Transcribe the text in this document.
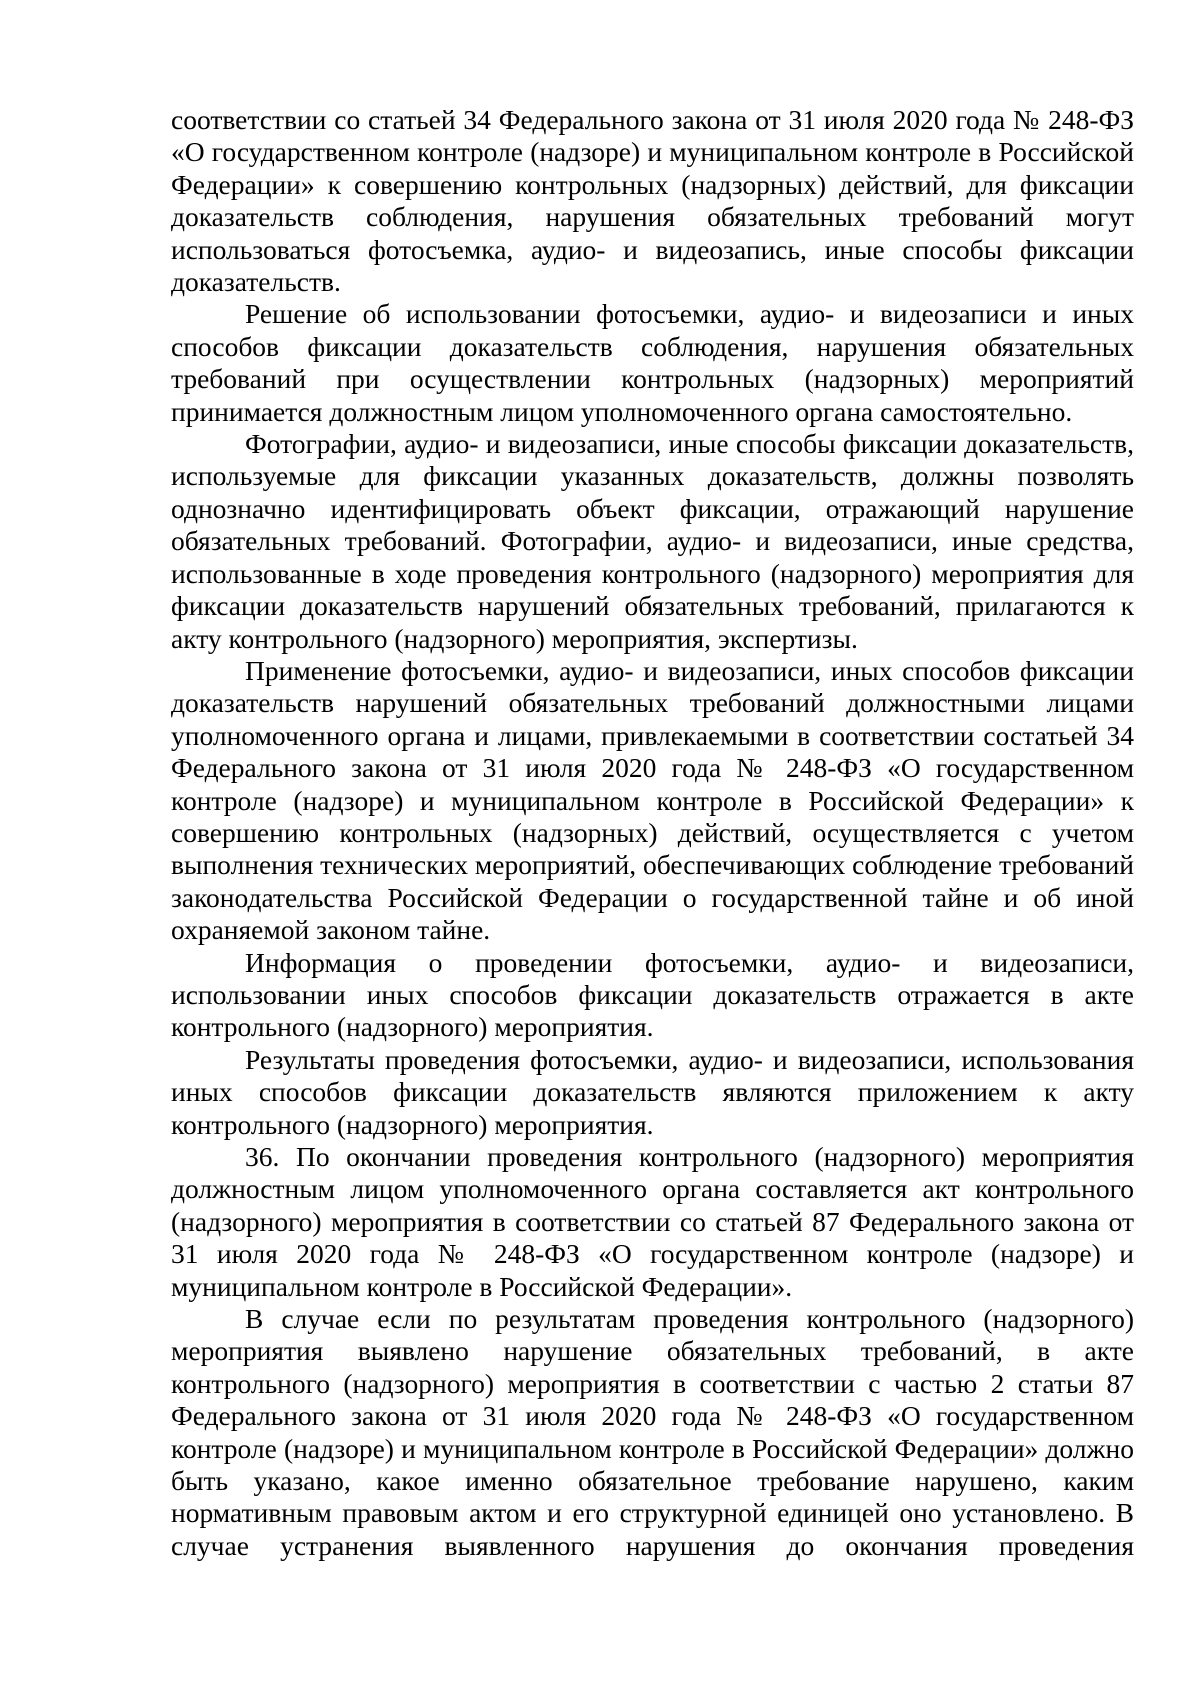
соответствии со статьей 34 Федерального закона от 31 июля 2020 года № 248-ФЗ «О государственном контроле (надзоре) и муниципальном контроле в Российской Федерации» к совершению контрольных (надзорных) действий, для фиксации доказательств соблюдения, нарушения обязательных требований могут использоваться фотосъемка, аудио- и видеозапись, иные способы фиксации доказательств.

Решение об использовании фотосъемки, аудио- и видеозаписи и иных способов фиксации доказательств соблюдения, нарушения обязательных требований при осуществлении контрольных (надзорных) мероприятий принимается должностным лицом уполномоченного органа самостоятельно.

Фотографии, аудио- и видеозаписи, иные способы фиксации доказательств, используемые для фиксации указанных доказательств, должны позволять однозначно идентифицировать объект фиксации, отражающий нарушение обязательных требований. Фотографии, аудио- и видеозаписи, иные средства, использованные в ходе проведения контрольного (надзорного) мероприятия для фиксации доказательств нарушений обязательных требований, прилагаются к акту контрольного (надзорного) мероприятия, экспертизы.

Применение фотосъемки, аудио- и видеозаписи, иных способов фиксации доказательств нарушений обязательных требований должностными лицами уполномоченного органа и лицами, привлекаемыми в соответствии состатьей 34 Федерального закона от 31 июля 2020 года № 248-ФЗ «О государственном контроле (надзоре) и муниципальном контроле в Российской Федерации» к совершению контрольных (надзорных) действий, осуществляется с учетом выполнения технических мероприятий, обеспечивающих соблюдение требований законодательства Российской Федерации о государственной тайне и об иной охраняемой законом тайне.

Информация о проведении фотосъемки, аудио- и видеозаписи, использовании иных способов фиксации доказательств отражается в акте контрольного (надзорного) мероприятия.

Результаты проведения фотосъемки, аудио- и видеозаписи, использования иных способов фиксации доказательств являются приложением к акту контрольного (надзорного) мероприятия.

36. По окончании проведения контрольного (надзорного) мероприятия должностным лицом уполномоченного органа составляется акт контрольного (надзорного) мероприятия в соответствии со статьей 87 Федерального закона от 31 июля 2020 года № 248-ФЗ «О государственном контроле (надзоре) и муниципальном контроле в Российской Федерации».

В случае если по результатам проведения контрольного (надзорного) мероприятия выявлено нарушение обязательных требований, в акте контрольного (надзорного) мероприятия в соответствии с частью 2 статьи 87 Федерального закона от 31 июля 2020 года № 248-ФЗ «О государственном контроле (надзоре) и муниципальном контроле в Российской Федерации» должно быть указано, какое именно обязательное требование нарушено, каким нормативным правовым актом и его структурной единицей оно установлено. В случае устранения выявленного нарушения до окончания проведения
